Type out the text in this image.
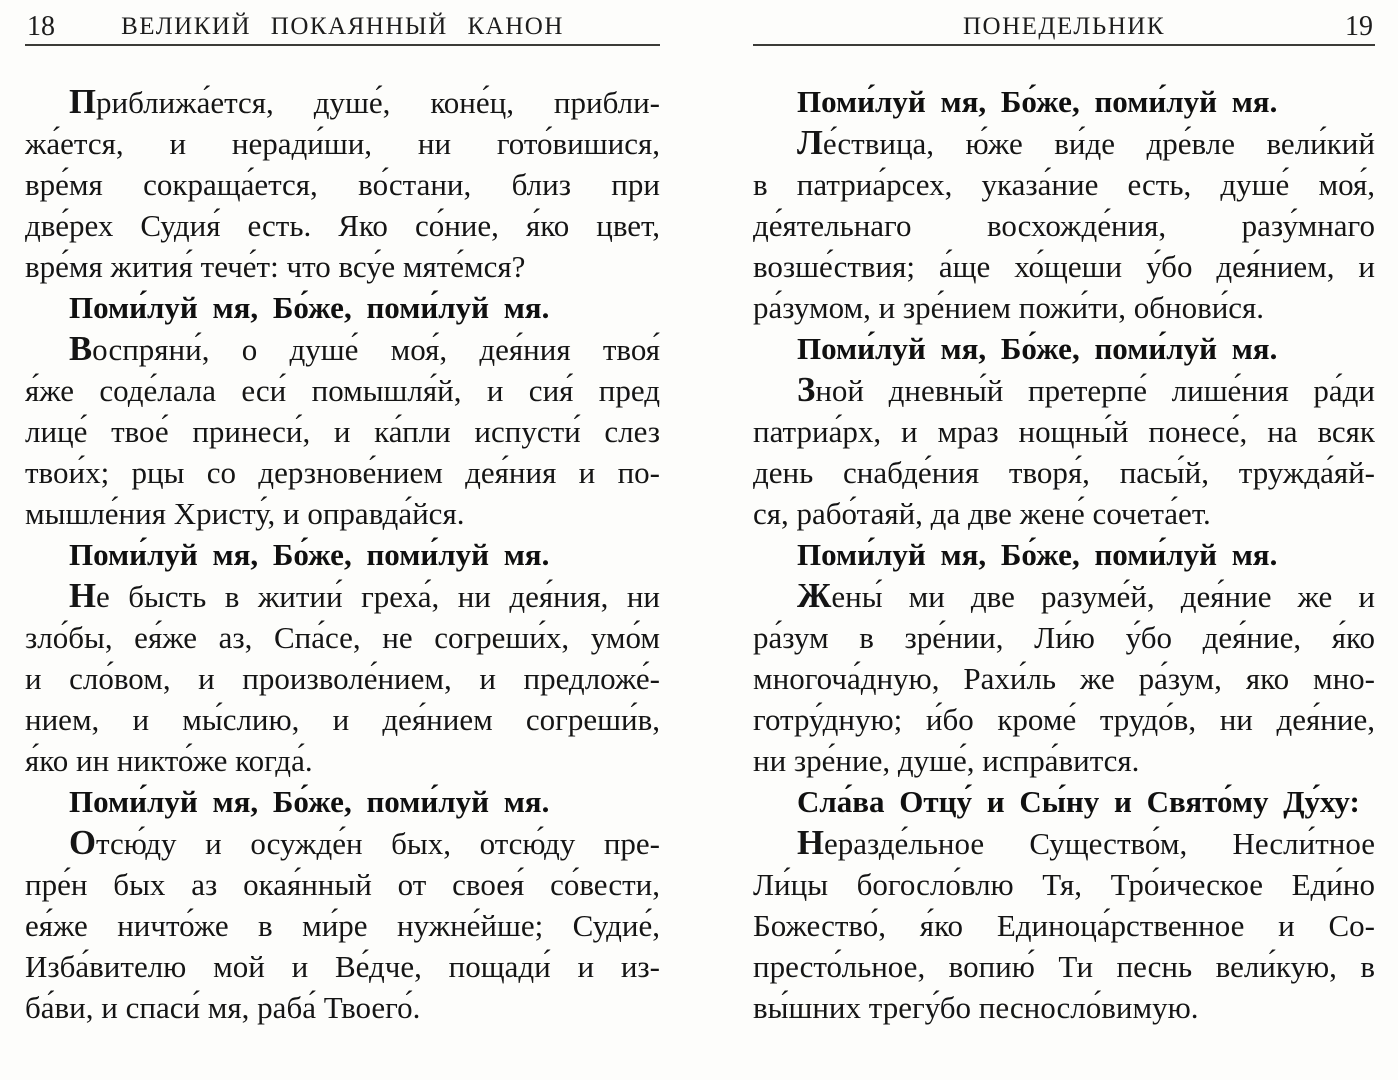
18	ВЕЛИКИЙ ПОКАЯННЫЙ КАНОН
Приближа́ется, душе́, коне́ц, прибли-
жа́ется, и неради́ши, ни гото́вишися,
вре́мя сокраща́ется, во́стани, близ при
две́рех Судия́ есть. Яко со́ние, я́ко цвет,
вре́мя жития́ тече́т: что всу́е мяте́мся?
Поми́луй мя, Бо́же, поми́луй мя.
Воспряни́, о душе́ моя́, дея́ния твоя́
я́же соде́лала еси́ помышля́й, и сия́ пред
лице́ твое́ принеси́, и ка́пли испусти́ слез
твои́х; рцы со дерзнове́нием дея́ния и по-
мышле́ния Христу́, и оправда́йся.
Поми́луй мя, Бо́же, поми́луй мя.
Не бысть в житии́ греха́, ни дея́ния, ни
зло́бы, ея́же аз, Спа́се, не согреши́х, умо́м
и сло́вом, и произволе́нием, и предложе́-
нием, и мы́слию, и дея́нием согреши́в,
я́ко ин никто́же когда́.
Поми́луй мя, Бо́же, поми́луй мя.
Отсю́ду и осужде́н бых, отсю́ду пре-
пре́н бых аз окая́нный от своея́ со́вести,
ея́же ничто́же в ми́ре нужне́йше; Судие́,
Изба́вителю мой и Ве́дче, пощади́ и из-
ба́ви, и спаси́ мя, раба́ Твоего́.
19
ПОНЕДЕЛЬНИК
Поми́луй мя, Бо́же, поми́луй мя.
Ле́ствица, ю́же ви́де дре́вле вели́кий
в патриа́рсех, указа́ние есть, душе́ моя́,
де́ятельнаго восхожде́ния, разу́мнаго
возше́ствия; а́ще хо́щеши у́бо дея́нием, и
ра́зумом, и зре́нием пожи́ти, обнови́ся.
Поми́луй мя, Бо́же, поми́луй мя.
Зной дневны́й претерпе́ лише́ния ра́ди
патриа́рх, и мраз нощны́й понесе́, на всяк
день снабде́ния творя́, пасы́й, тружда́яй-
ся, рабо́таяй, да две жене́ сочета́ет.
Поми́луй мя, Бо́же, поми́луй мя.
Жены́ ми две разуме́й, дея́ние же и
ра́зум в зре́нии, Ли́ю у́бо дея́ние, я́ко
многоча́дную, Рахи́ль же ра́зум, яко мно-
готру́дную; и́бо кроме́ трудо́в, ни дея́ние,
ни зре́ние, душе́, испра́вится.
Сла́ва Отцу́ и Сы́ну и Свято́му Ду́ху:
Неразде́льное Существо́м, Несли́тное
Ли́цы богосло́влю Тя, Тро́ическое Еди́но
Божество́, я́ко Единоца́рственное и Со-
престо́льное, вопию́ Ти песнь вели́кую, в
вы́шних трегу́бо песносло́вимую.
